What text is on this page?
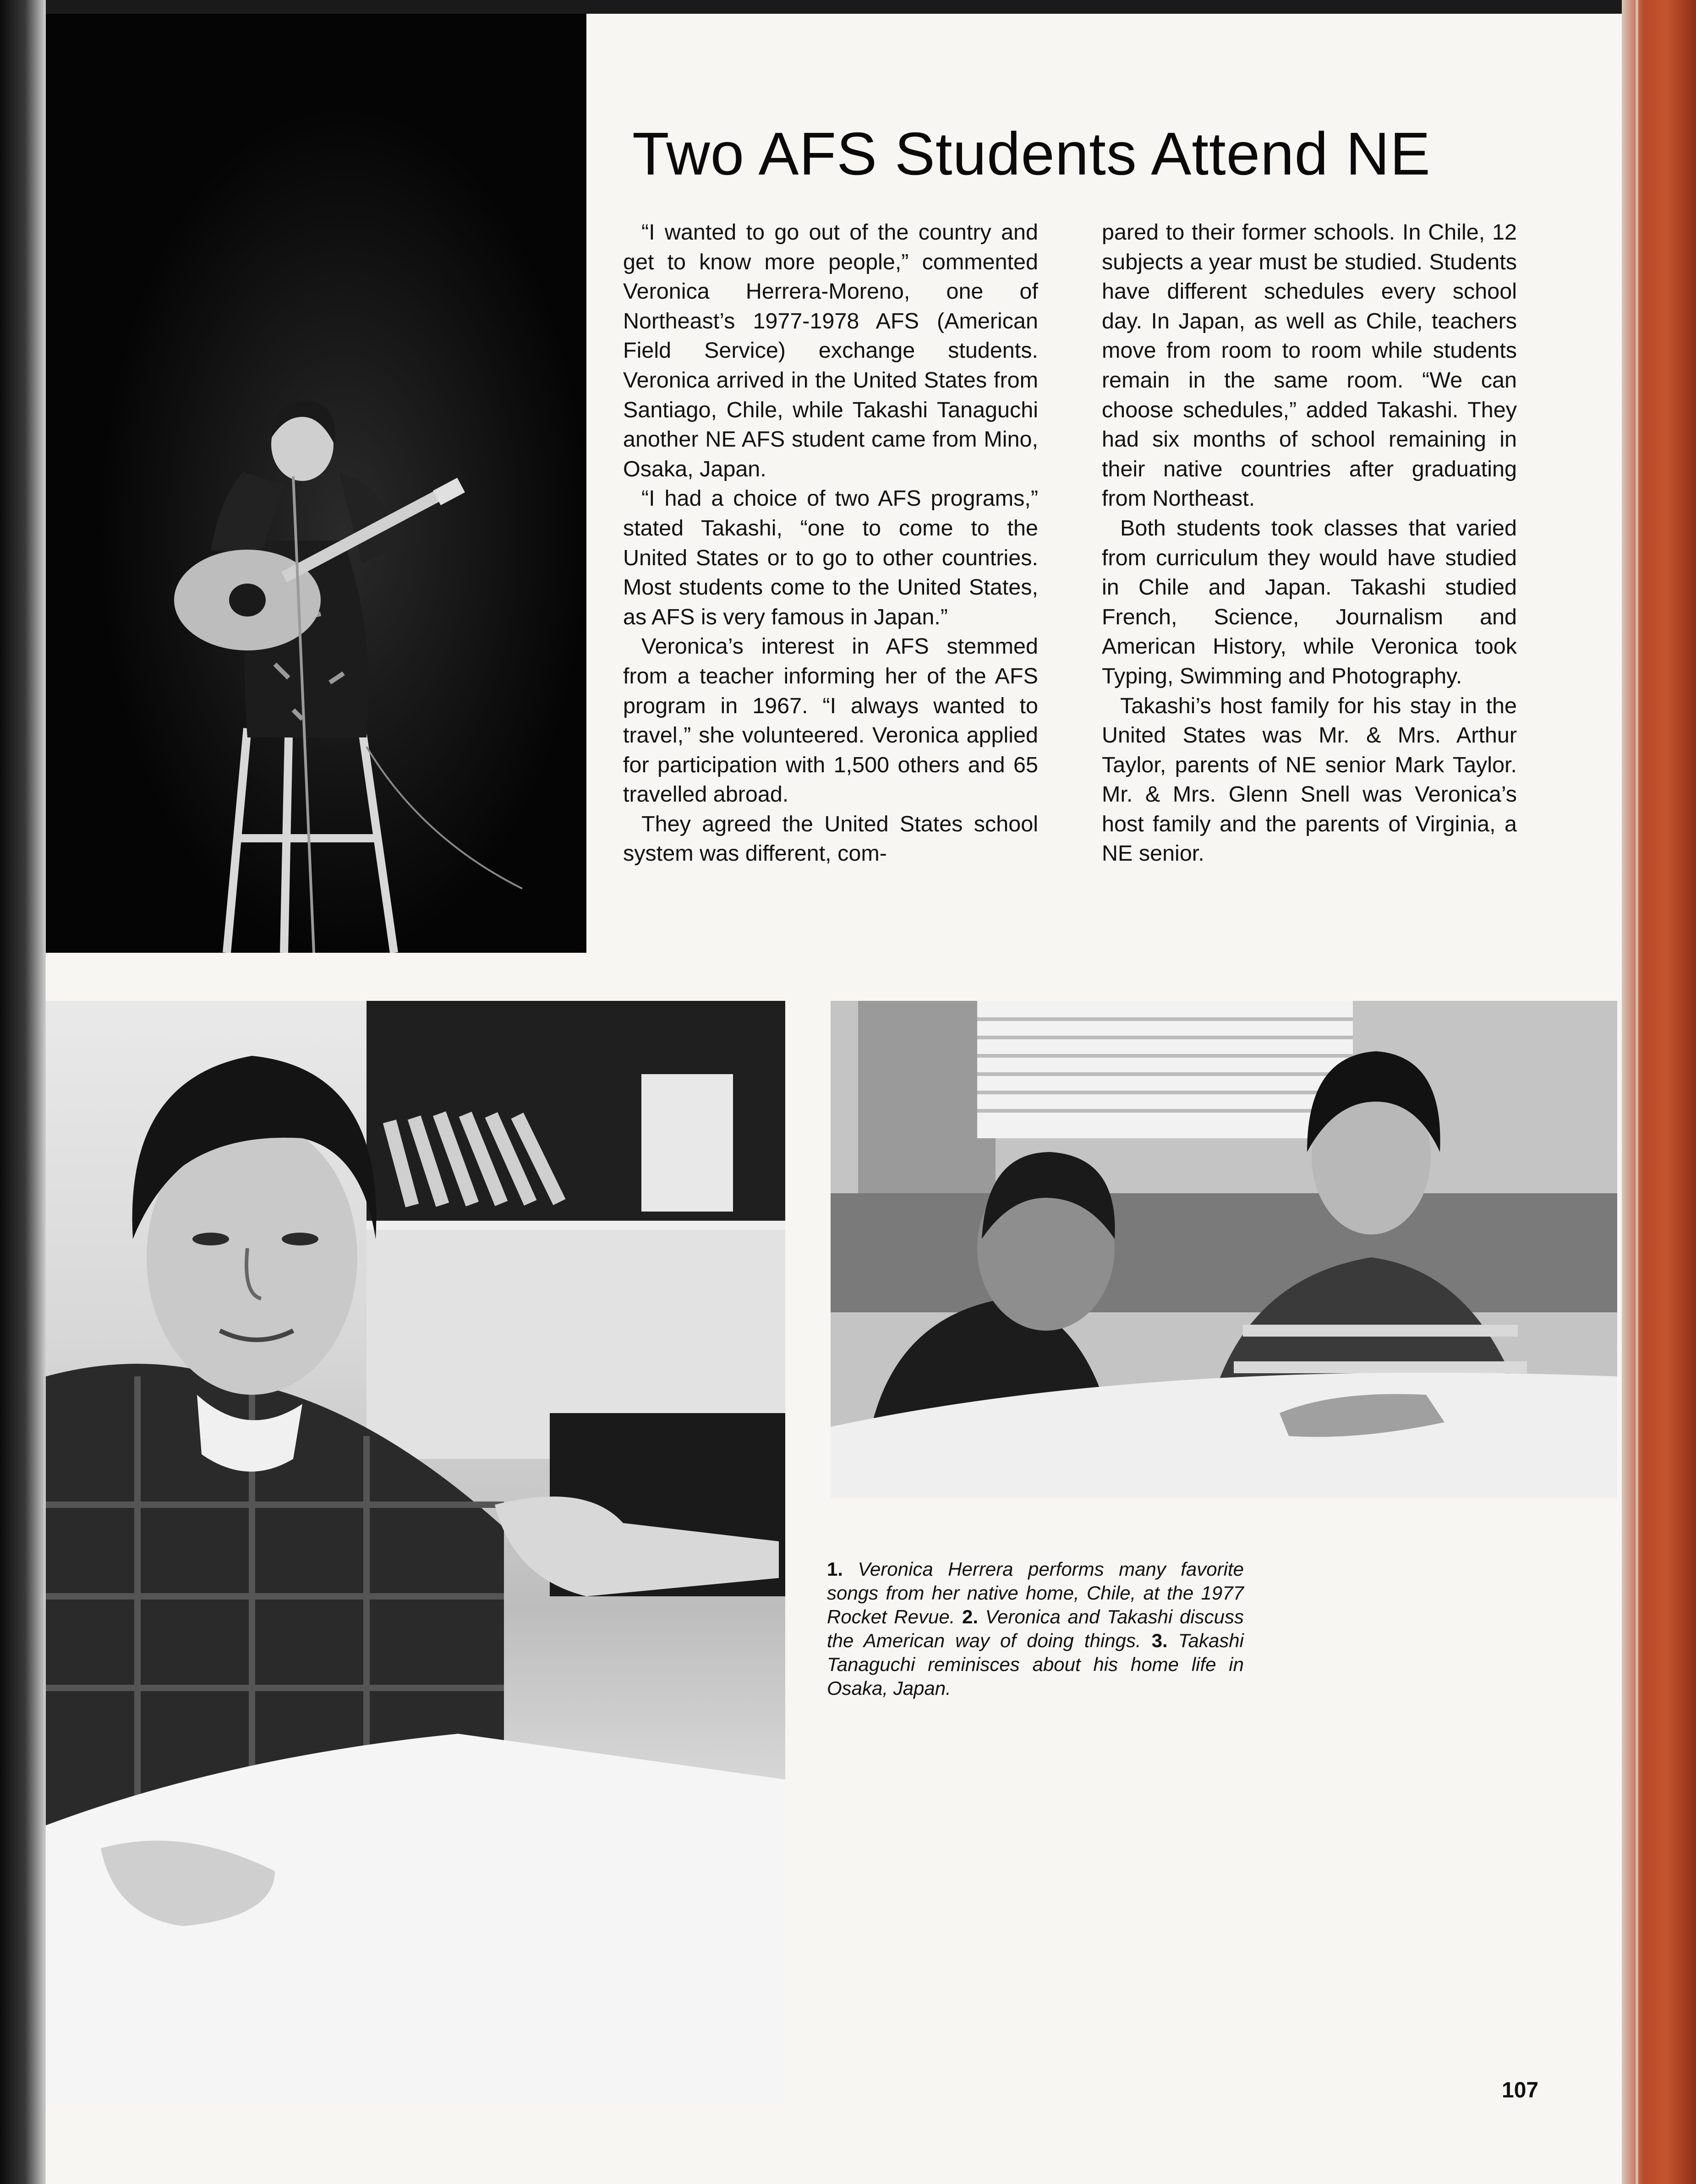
Two AFS Students Attend NE

“I wanted to go out of the country and get to know more people,” commented Veronica Herrera-Moreno, one of Northeast’s 1977-1978 AFS (American Field Service) exchange students. Veronica arrived in the United States from Santiago, Chile, while Takashi Tanaguchi another NE AFS student came from Mino, Osaka, Japan.

“I had a choice of two AFS programs,” stated Takashi, “one to come to the United States or to go to other countries. Most students come to the United States, as AFS is very famous in Japan.”

Veronica’s interest in AFS stemmed from a teacher informing her of the AFS program in 1967. “I always wanted to travel,” she volunteered. Veronica applied for participation with 1,500 others and 65 travelled abroad.

They agreed the United States school system was different, com-

pared to their former schools. In Chile, 12 subjects a year must be studied. Students have different schedules every school day. In Japan, as well as Chile, teachers move from room to room while students remain in the same room. “We can choose schedules,” added Takashi. They had six months of school remaining in their native countries after graduating from Northeast.

Both students took classes that varied from curriculum they would have studied in Chile and Japan. Takashi studied French, Science, Journalism and American History, while Veronica took Typing, Swimming and Photography.

Takashi’s host family for his stay in the United States was Mr. & Mrs. Arthur Taylor, parents of NE senior Mark Taylor. Mr. & Mrs. Glenn Snell was Veronica’s host family and the parents of Virginia, a NE senior.

1. Veronica Herrera performs many favorite songs from her native home, Chile, at the 1977 Rocket Revue. 2. Veronica and Takashi discuss the American way of doing things. 3. Takashi Tanaguchi reminisces about his home life in Osaka, Japan.
107
